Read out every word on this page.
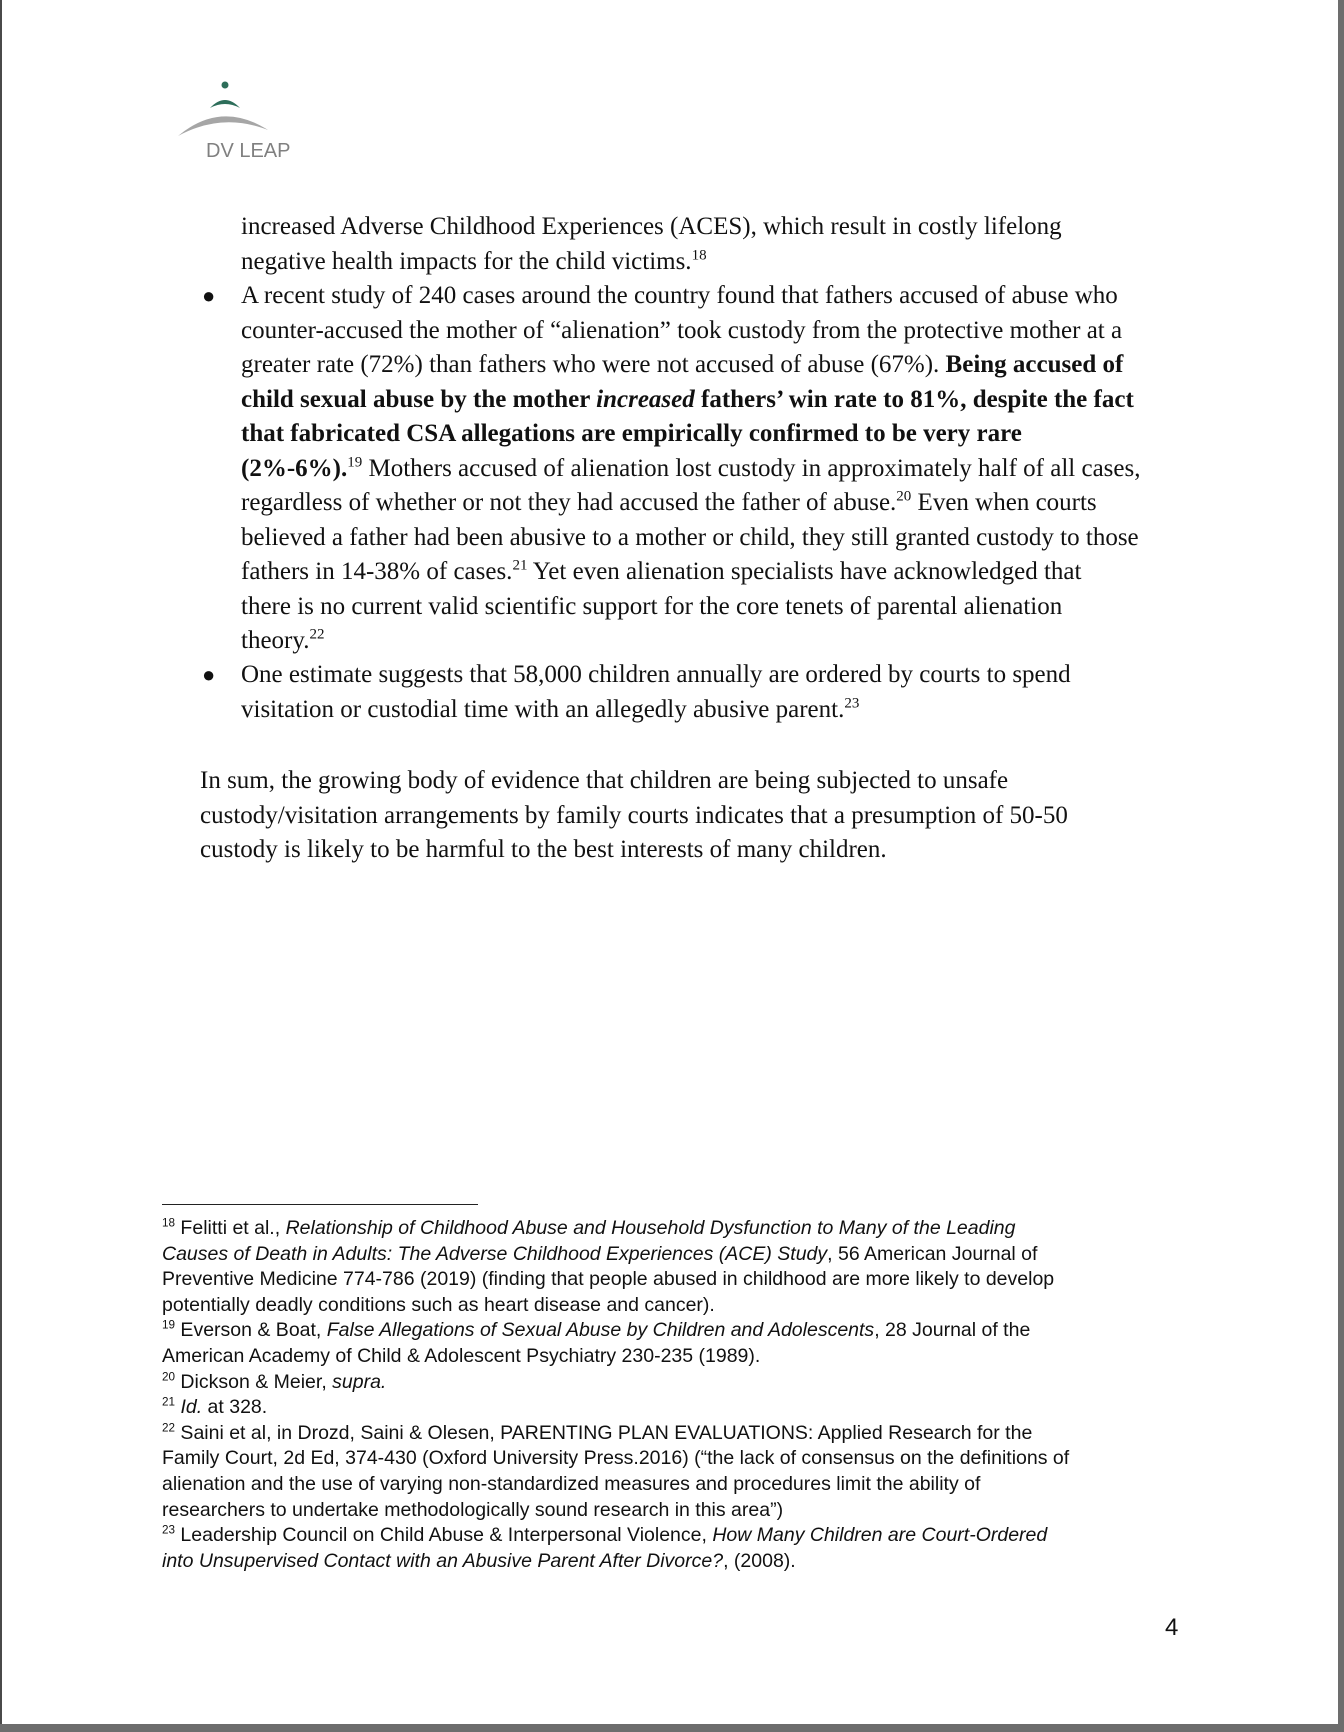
DV LEAP
increased Adverse Childhood Experiences (ACES), which result in costly lifelong
negative health impacts for the child victims.$^{18}$
● A recent study of 240 cases around the country found that fathers accused of abuse who
counter-accused the mother of “alienation” took custody from the protective mother at a
greater rate (72%) than fathers who were not accused of abuse (67%). Being accused of
child sexual abuse by the mother increased fathers’ win rate to 81%, despite the fact
that fabricated CSA allegations are empirically confirmed to be very rare
(2%-6%).$^{19}$ Mothers accused of alienation lost custody in approximately half of all cases,
regardless of whether or not they had accused the father of abuse.$^{20}$ Even when courts
believed a father had been abusive to a mother or child, they still granted custody to those
fathers in 14-38% of cases.$^{21}$ Yet even alienation specialists have acknowledged that
there is no current valid scientific support for the core tenets of parental alienation
theory.$^{22}$
● One estimate suggests that 58,000 children annually are ordered by courts to spend
visitation or custodial time with an allegedly abusive parent.$^{23}$
In sum, the growing body of evidence that children are being subjected to unsafe
custody/visitation arrangements by family courts indicates that a presumption of 50-50
custody is likely to be harmful to the best interests of many children.

$^{18}$ Felitti et al., Relationship of Childhood Abuse and Household Dysfunction to Many of the Leading
Causes of Death in Adults: The Adverse Childhood Experiences (ACE) Study, 56 American Journal of
Preventive Medicine 774-786 (2019) (finding that people abused in childhood are more likely to develop
potentially deadly conditions such as heart disease and cancer).

$^{19}$ Everson & Boat, False Allegations of Sexual Abuse by Children and Adolescents, 28 Journal of the
American Academy of Child & Adolescent Psychiatry 230-235 (1989).

$^{20}$ Dickson & Meier, supra.

$^{21}$ Id. at 328.

$^{22}$ Saini et al, in Drozd, Saini & Olesen, PARENTING PLAN EVALUATIONS: Applied Research for the
Family Court, 2d Ed, 374-430 (Oxford University Press.2016) (“the lack of consensus on the definitions of
alienation and the use of varying non-standardized measures and procedures limit the ability of
researchers to undertake methodologically sound research in this area”)

$^{23}$ Leadership Council on Child Abuse & Interpersonal Violence, How Many Children are Court-Ordered
into Unsupervised Contact with an Abusive Parent After Divorce?, (2008).

4
